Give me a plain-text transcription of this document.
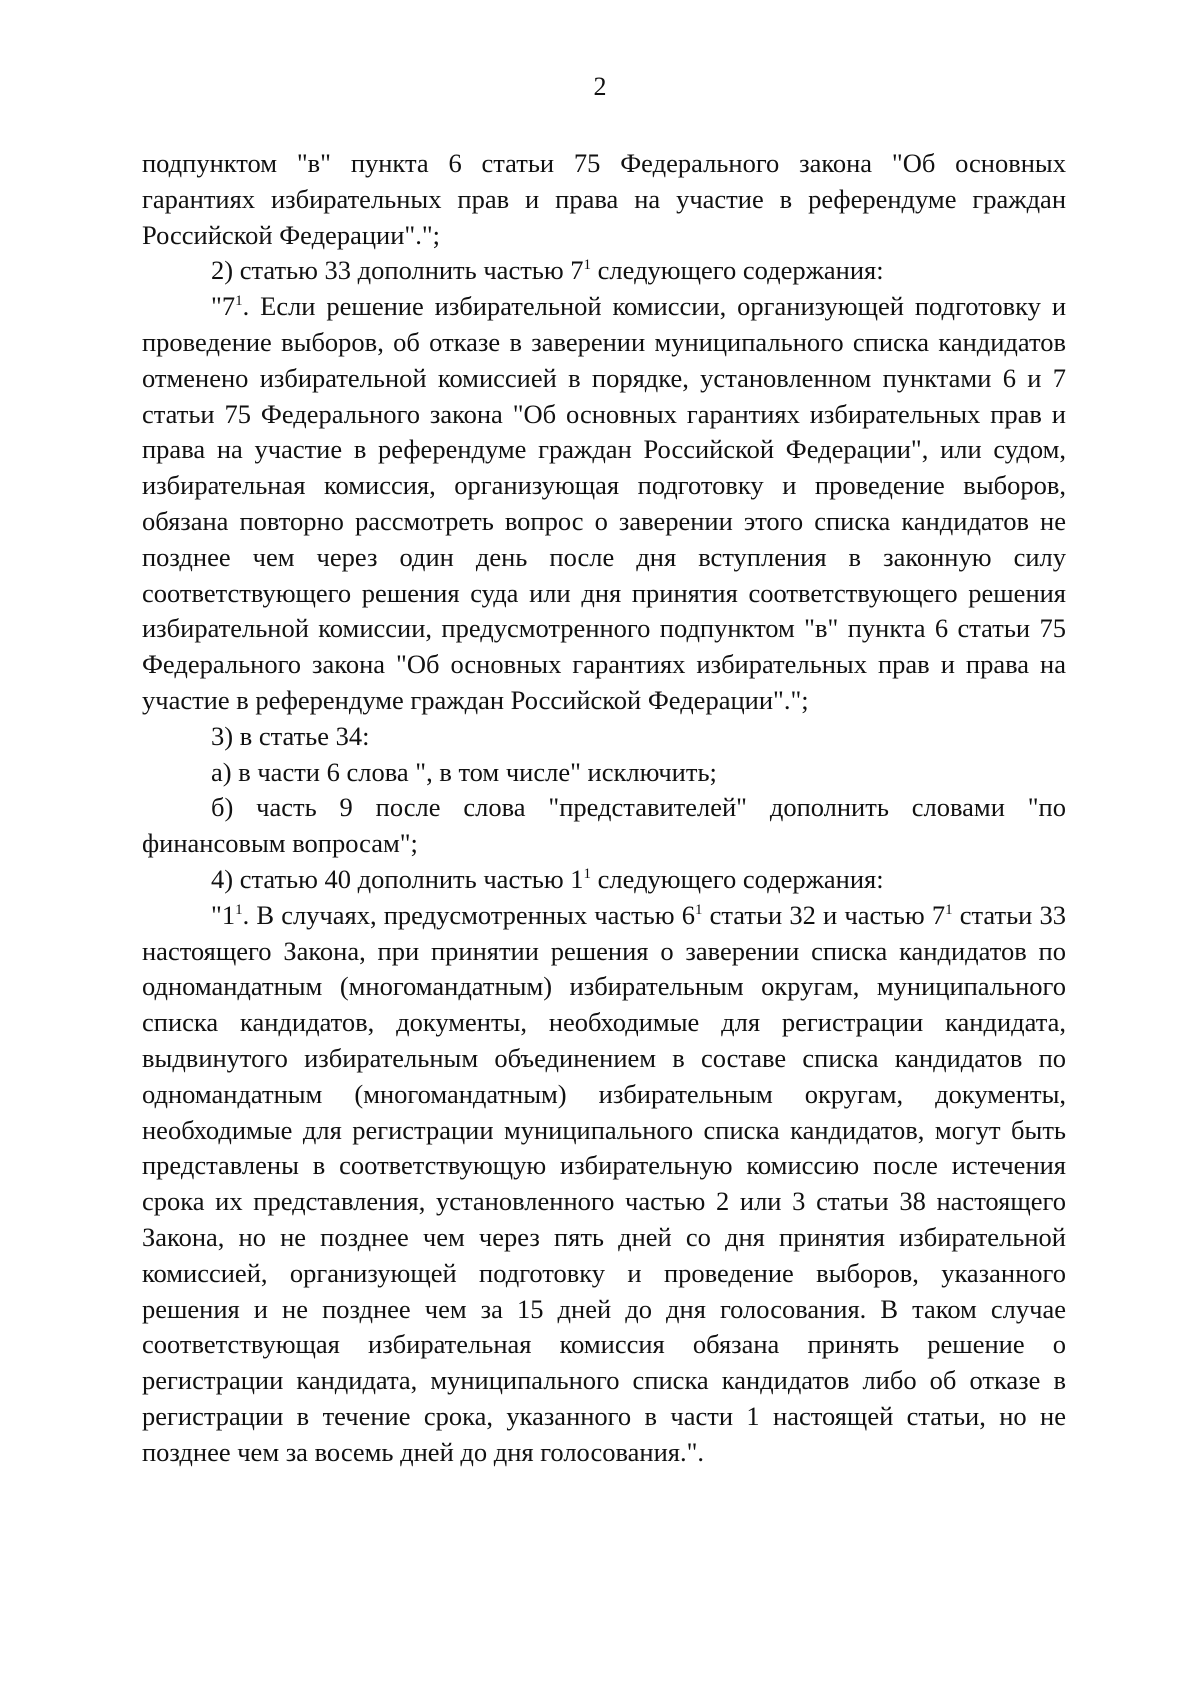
2

подпунктом "в" пункта 6 статьи 75 Федерального закона "Об основных гарантиях избирательных прав и права на участие в референдуме граждан Российской Федерации".";

2) статью 33 дополнить частью $7^1$ следующего содержания:

"$7^1$. Если решение избирательной комиссии, организующей подготовку и проведение выборов, об отказе в заверении муниципального списка кандидатов отменено избирательной комиссией в порядке, установленном пунктами 6 и 7 статьи 75 Федерального закона "Об основных гарантиях избирательных прав и права на участие в референдуме граждан Российской Федерации", или судом, избирательная комиссия, организующая подготовку и проведение выборов, обязана повторно рассмотреть вопрос о заверении этого списка кандидатов не позднее чем через один день после дня вступления в законную силу соответствующего решения суда или дня принятия соответствующего решения избирательной комиссии, предусмотренного подпунктом "в" пункта 6 статьи 75 Федерального закона "Об основных гарантиях избирательных прав и права на участие в референдуме граждан Российской Федерации".";

3) в статье 34:

а) в части 6 слова ", в том числе" исключить;

б) часть 9 после слова "представителей" дополнить словами "по финансовым вопросам";

4) статью 40 дополнить частью $1^1$ следующего содержания:

"$1^1$. В случаях, предусмотренных частью $6^1$ статьи 32 и частью $7^1$ статьи 33 настоящего Закона, при принятии решения о заверении списка кандидатов по одномандатным (многомандатным) избирательным округам, муниципального списка кандидатов, документы, необходимые для регистрации кандидата, выдвинутого избирательным объединением в составе списка кандидатов по одномандатным (многомандатным) избирательным округам, документы, необходимые для регистрации муниципального списка кандидатов, могут быть представлены в соответствующую избирательную комиссию после истечения срока их представления, установленного частью 2 или 3 статьи 38 настоящего Закона, но не позднее чем через пять дней со дня принятия избирательной комиссией, организующей подготовку и проведение выборов, указанного решения и не позднее чем за 15 дней до дня голосования. В таком случае соответствующая избирательная комиссия обязана принять решение о регистрации кандидата, муниципального списка кандидатов либо об отказе в регистрации в течение срока, указанного в части 1 настоящей статьи, но не позднее чем за восемь дней до дня голосования.".
